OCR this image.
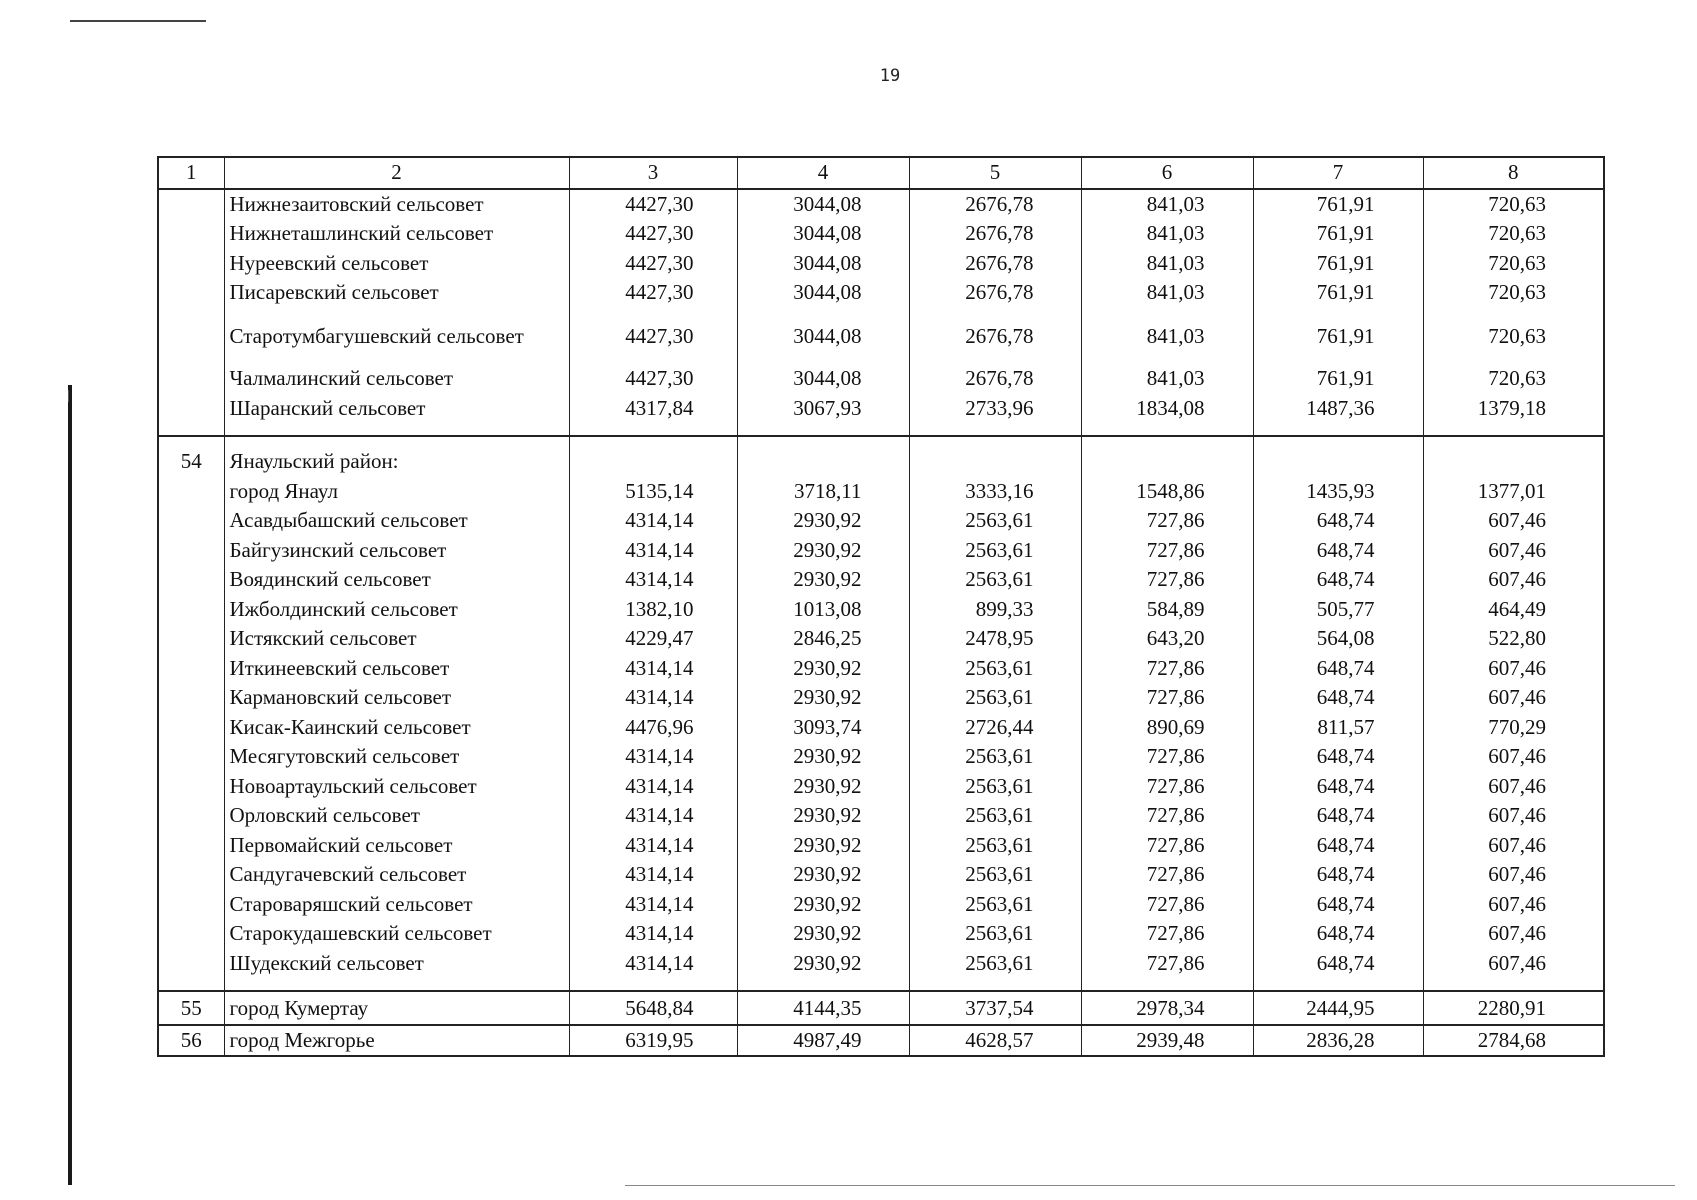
19
1	2	3	4	5	6	7	8
	Нижнезаитовский сельсовет	4427,30	3044,08	2676,78	841,03	761,91	720,63
	Нижнеташлинский сельсовет	4427,30	3044,08	2676,78	841,03	761,91	720,63
	Нуреевский сельсовет	4427,30	3044,08	2676,78	841,03	761,91	720,63
	Писаревский сельсовет	4427,30	3044,08	2676,78	841,03	761,91	720,63
	Старотумбагушевский сельсовет	4427,30	3044,08	2676,78	841,03	761,91	720,63
	Чалмалинский сельсовет	4427,30	3044,08	2676,78	841,03	761,91	720,63
	Шаранский сельсовет	4317,84	3067,93	2733,96	1834,08	1487,36	1379,18
54	Янаульский район:						
	город Янаул	5135,14	3718,11	3333,16	1548,86	1435,93	1377,01
	Асавдыбашский сельсовет	4314,14	2930,92	2563,61	727,86	648,74	607,46
	Байгузинский сельсовет	4314,14	2930,92	2563,61	727,86	648,74	607,46
	Воядинский сельсовет	4314,14	2930,92	2563,61	727,86	648,74	607,46
	Ижболдинский сельсовет	1382,10	1013,08	899,33	584,89	505,77	464,49
	Истякский сельсовет	4229,47	2846,25	2478,95	643,20	564,08	522,80
	Иткинеевский сельсовет	4314,14	2930,92	2563,61	727,86	648,74	607,46
	Кармановский сельсовет	4314,14	2930,92	2563,61	727,86	648,74	607,46
	Кисак-Каинский сельсовет	4476,96	3093,74	2726,44	890,69	811,57	770,29
	Месягутовский сельсовет	4314,14	2930,92	2563,61	727,86	648,74	607,46
	Новоартаульский сельсовет	4314,14	2930,92	2563,61	727,86	648,74	607,46
	Орловский сельсовет	4314,14	2930,92	2563,61	727,86	648,74	607,46
	Первомайский сельсовет	4314,14	2930,92	2563,61	727,86	648,74	607,46
	Сандугачевский сельсовет	4314,14	2930,92	2563,61	727,86	648,74	607,46
	Староваряшский сельсовет	4314,14	2930,92	2563,61	727,86	648,74	607,46
	Старокудашевский сельсовет	4314,14	2930,92	2563,61	727,86	648,74	607,46
	Шудекский сельсовет	4314,14	2930,92	2563,61	727,86	648,74	607,46
55	город Кумертау	5648,84	4144,35	3737,54	2978,34	2444,95	2280,91
56	город Межгорье	6319,95	4987,49	4628,57	2939,48	2836,28	2784,68
